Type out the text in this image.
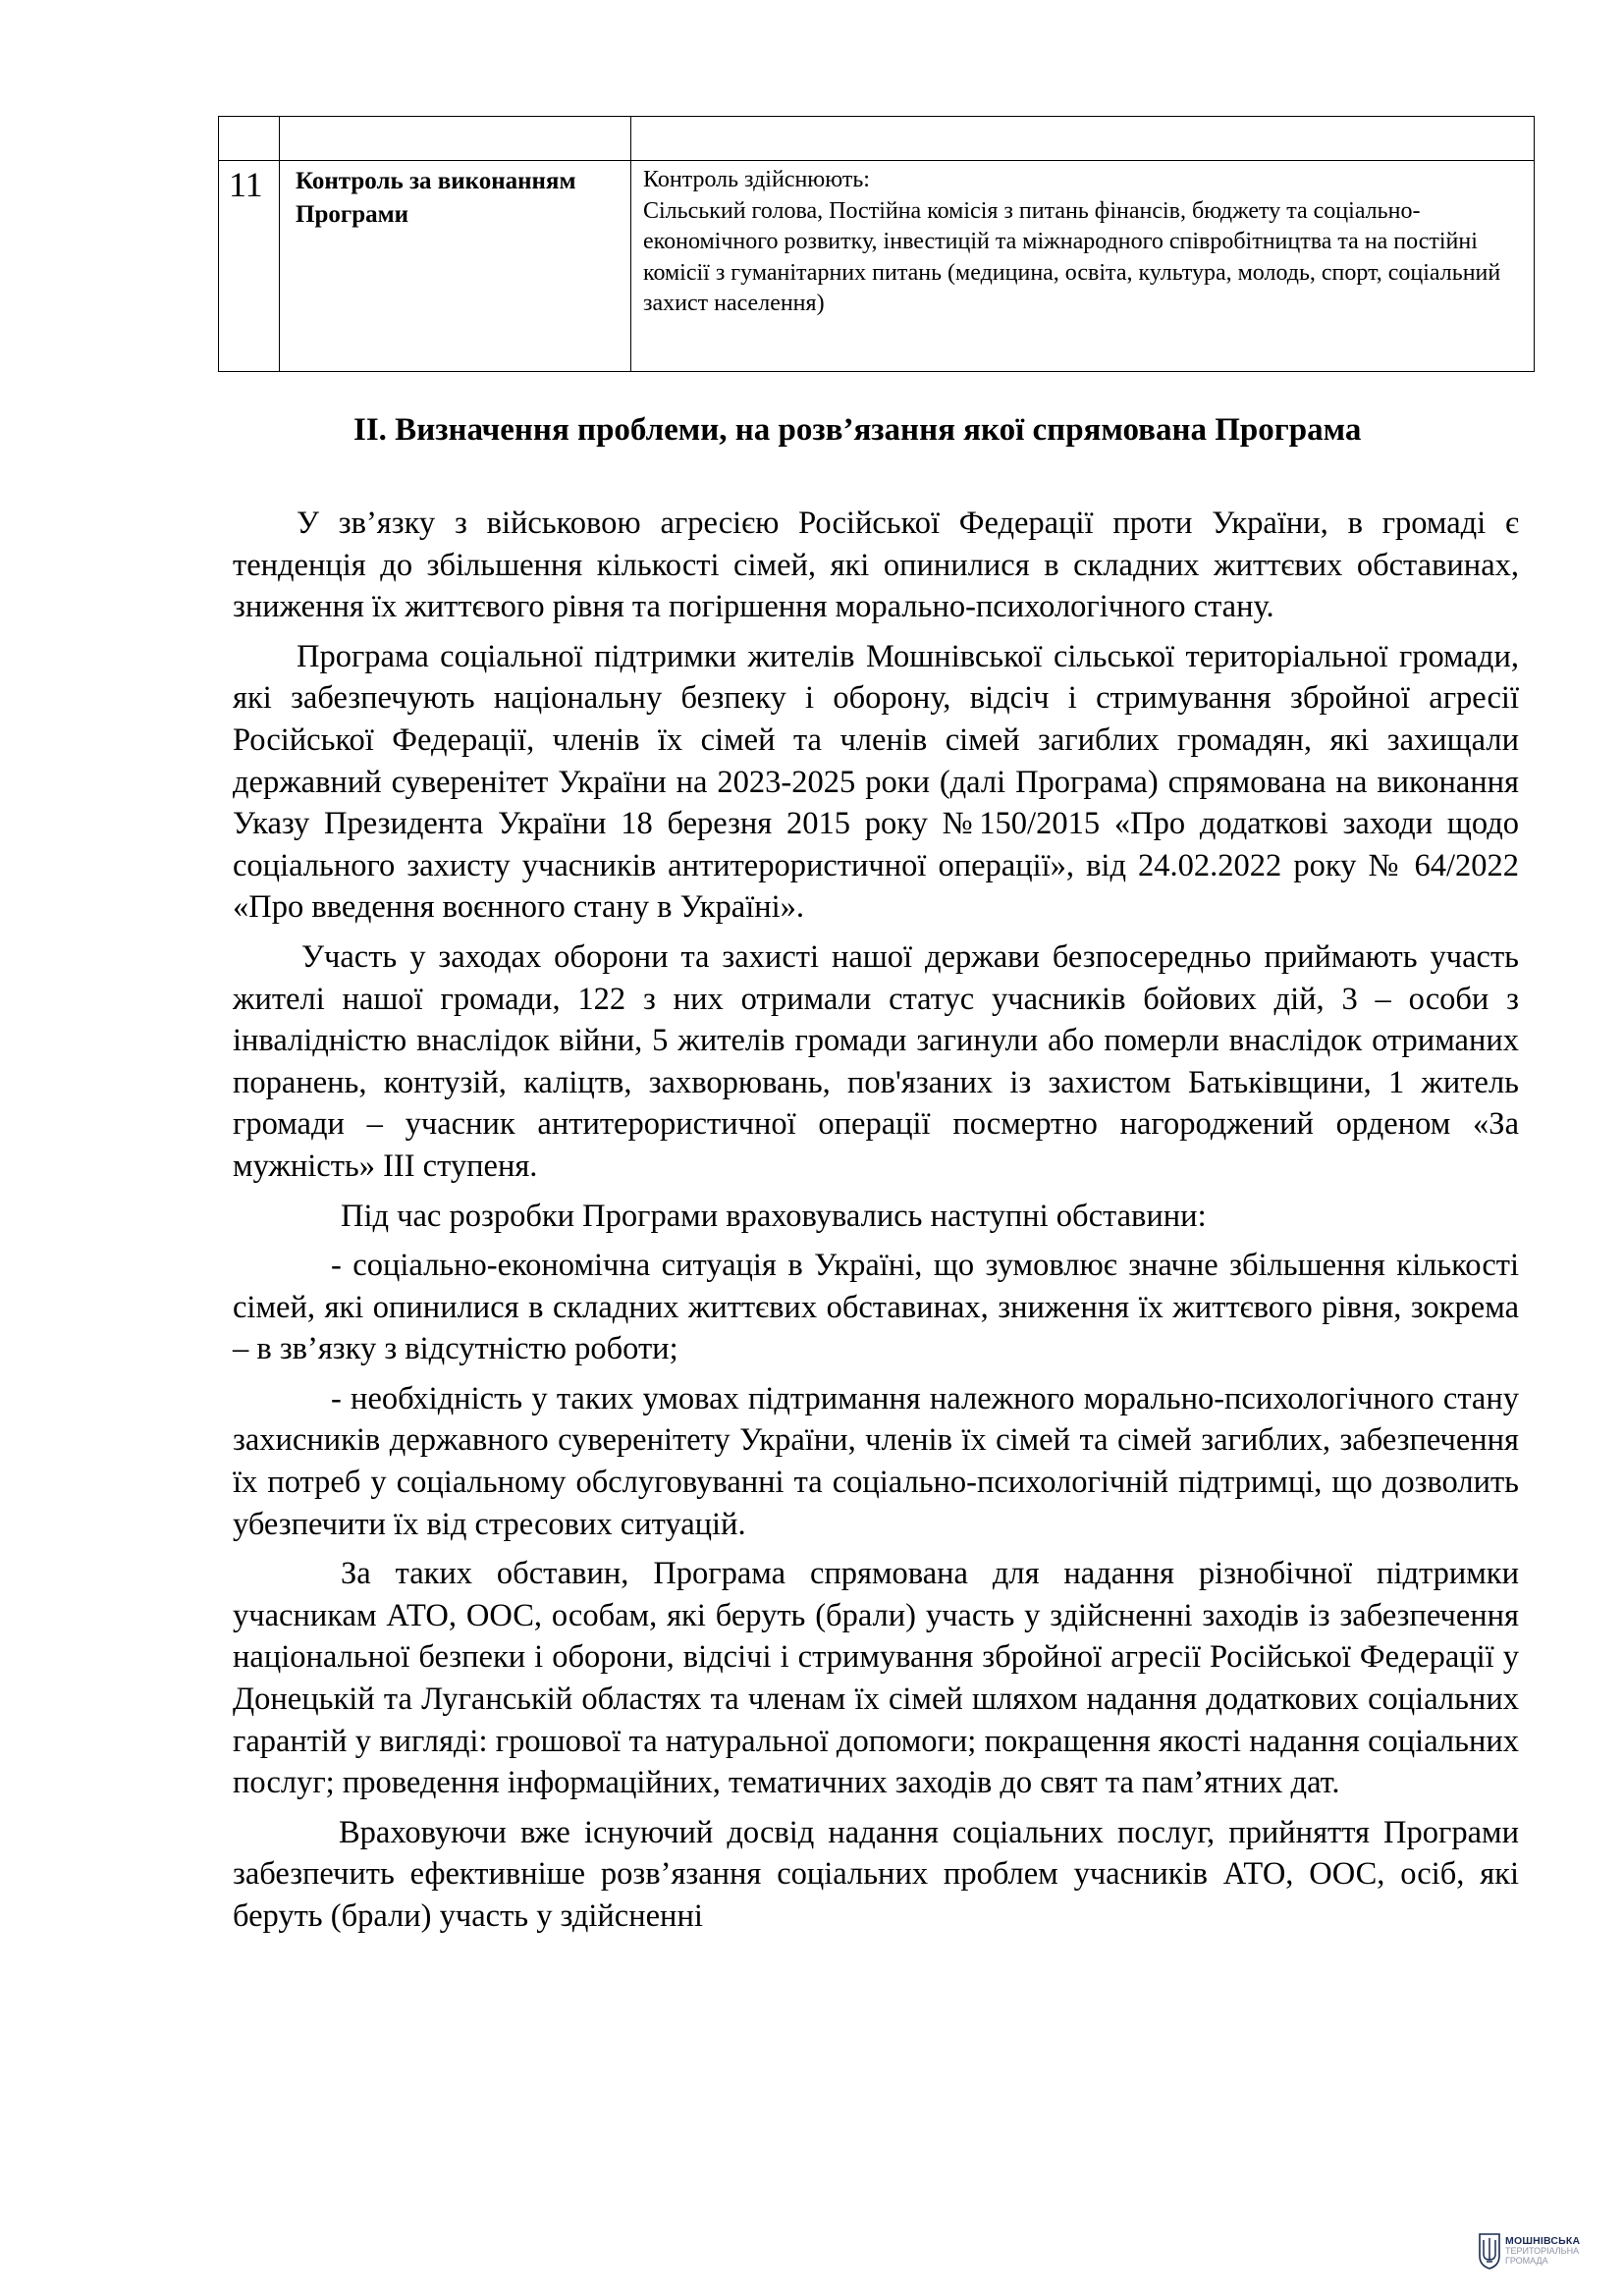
11	Контроль за виконанням Програми	Контроль здійснюють:
Сільський голова, Постійна комісія з питань фінансів, бюджету та соціально-економічного розвитку, інвестицій та міжнародного співробітництва та на постійні комісії з гуманітарних питань (медицина, освіта, культура, молодь, спорт, соціальний захист населення)
ІІ. Визначення проблеми, на розв’язання якої спрямована Програма

У зв’язку з військовою агресією Російської Федерації проти України, в громаді є тенденція до збільшення кількості сімей, які опинилися в складних життєвих обставинах, зниження їх життєвого рівня та погіршення морально-психологічного стану.

Програма соціальної підтримки жителів Мошнівської сільської територіальної громади, які забезпечують національну безпеку і оборону, відсіч і стримування збройної агресії Російської Федерації, членів їх сімей та членів сімей загиблих громадян, які захищали державний суверенітет України на 2023-2025 роки (далі Програма) спрямована на виконання Указу Президента України 18 березня 2015 року №150/2015 «Про додаткові заходи щодо соціального захисту учасників антитерористичної операції», від 24.02.2022 року № 64/2022 «Про введення воєнного стану в Україні».

Участь у заходах оборони та захисті нашої держави безпосередньо приймають участь жителі нашої громади, 122 з них отримали статус учасників бойових дій, 3 – особи з інвалідністю внаслідок війни, 5 жителів громади загинули або померли внаслідок отриманих поранень, контузій, каліцтв, захворювань, пов'язаних із захистом Батьківщини, 1 житель громади – учасник антитерористичної операції посмертно нагороджений орденом «За мужність» ІІІ ступеня.

Під час розробки Програми враховувались наступні обставини:

- соціально-економічна ситуація в Україні, що зумовлює значне збільшення кількості сімей, які опинилися в складних життєвих обставинах, зниження їх життєвого рівня, зокрема – в зв’язку з відсутністю роботи;

- необхідність у таких умовах підтримання належного морально-психологічного стану захисників державного суверенітету України, членів їх сімей та сімей загиблих, забезпечення їх потреб у соціальному обслуговуванні та соціально-психологічній підтримці, що дозволить убезпечити їх від стресових ситуацій.

За таких обставин, Програма спрямована для надання різнобічної підтримки учасникам АТО, ООС, особам, які беруть (брали) участь у здійсненні заходів із забезпечення національної безпеки і оборони, відсічі і стримування збройної агресії Російської Федерації у Донецькій та Луганській областях та членам їх сімей шляхом надання додаткових соціальних гарантій у вигляді: грошової та натуральної допомоги; покращення якості надання соціальних послуг; проведення інформаційних, тематичних заходів до свят та пам’ятних дат.

Враховуючи вже існуючий досвід надання соціальних послуг, прийняття Програми забезпечить ефективніше розв’язання соціальних проблем учасників АТО, ООС, осіб, які беруть (брали) участь у здійсненні

МОШНІВСЬКА
ТЕРИТОРІАЛЬНА
ГРОМАДА
